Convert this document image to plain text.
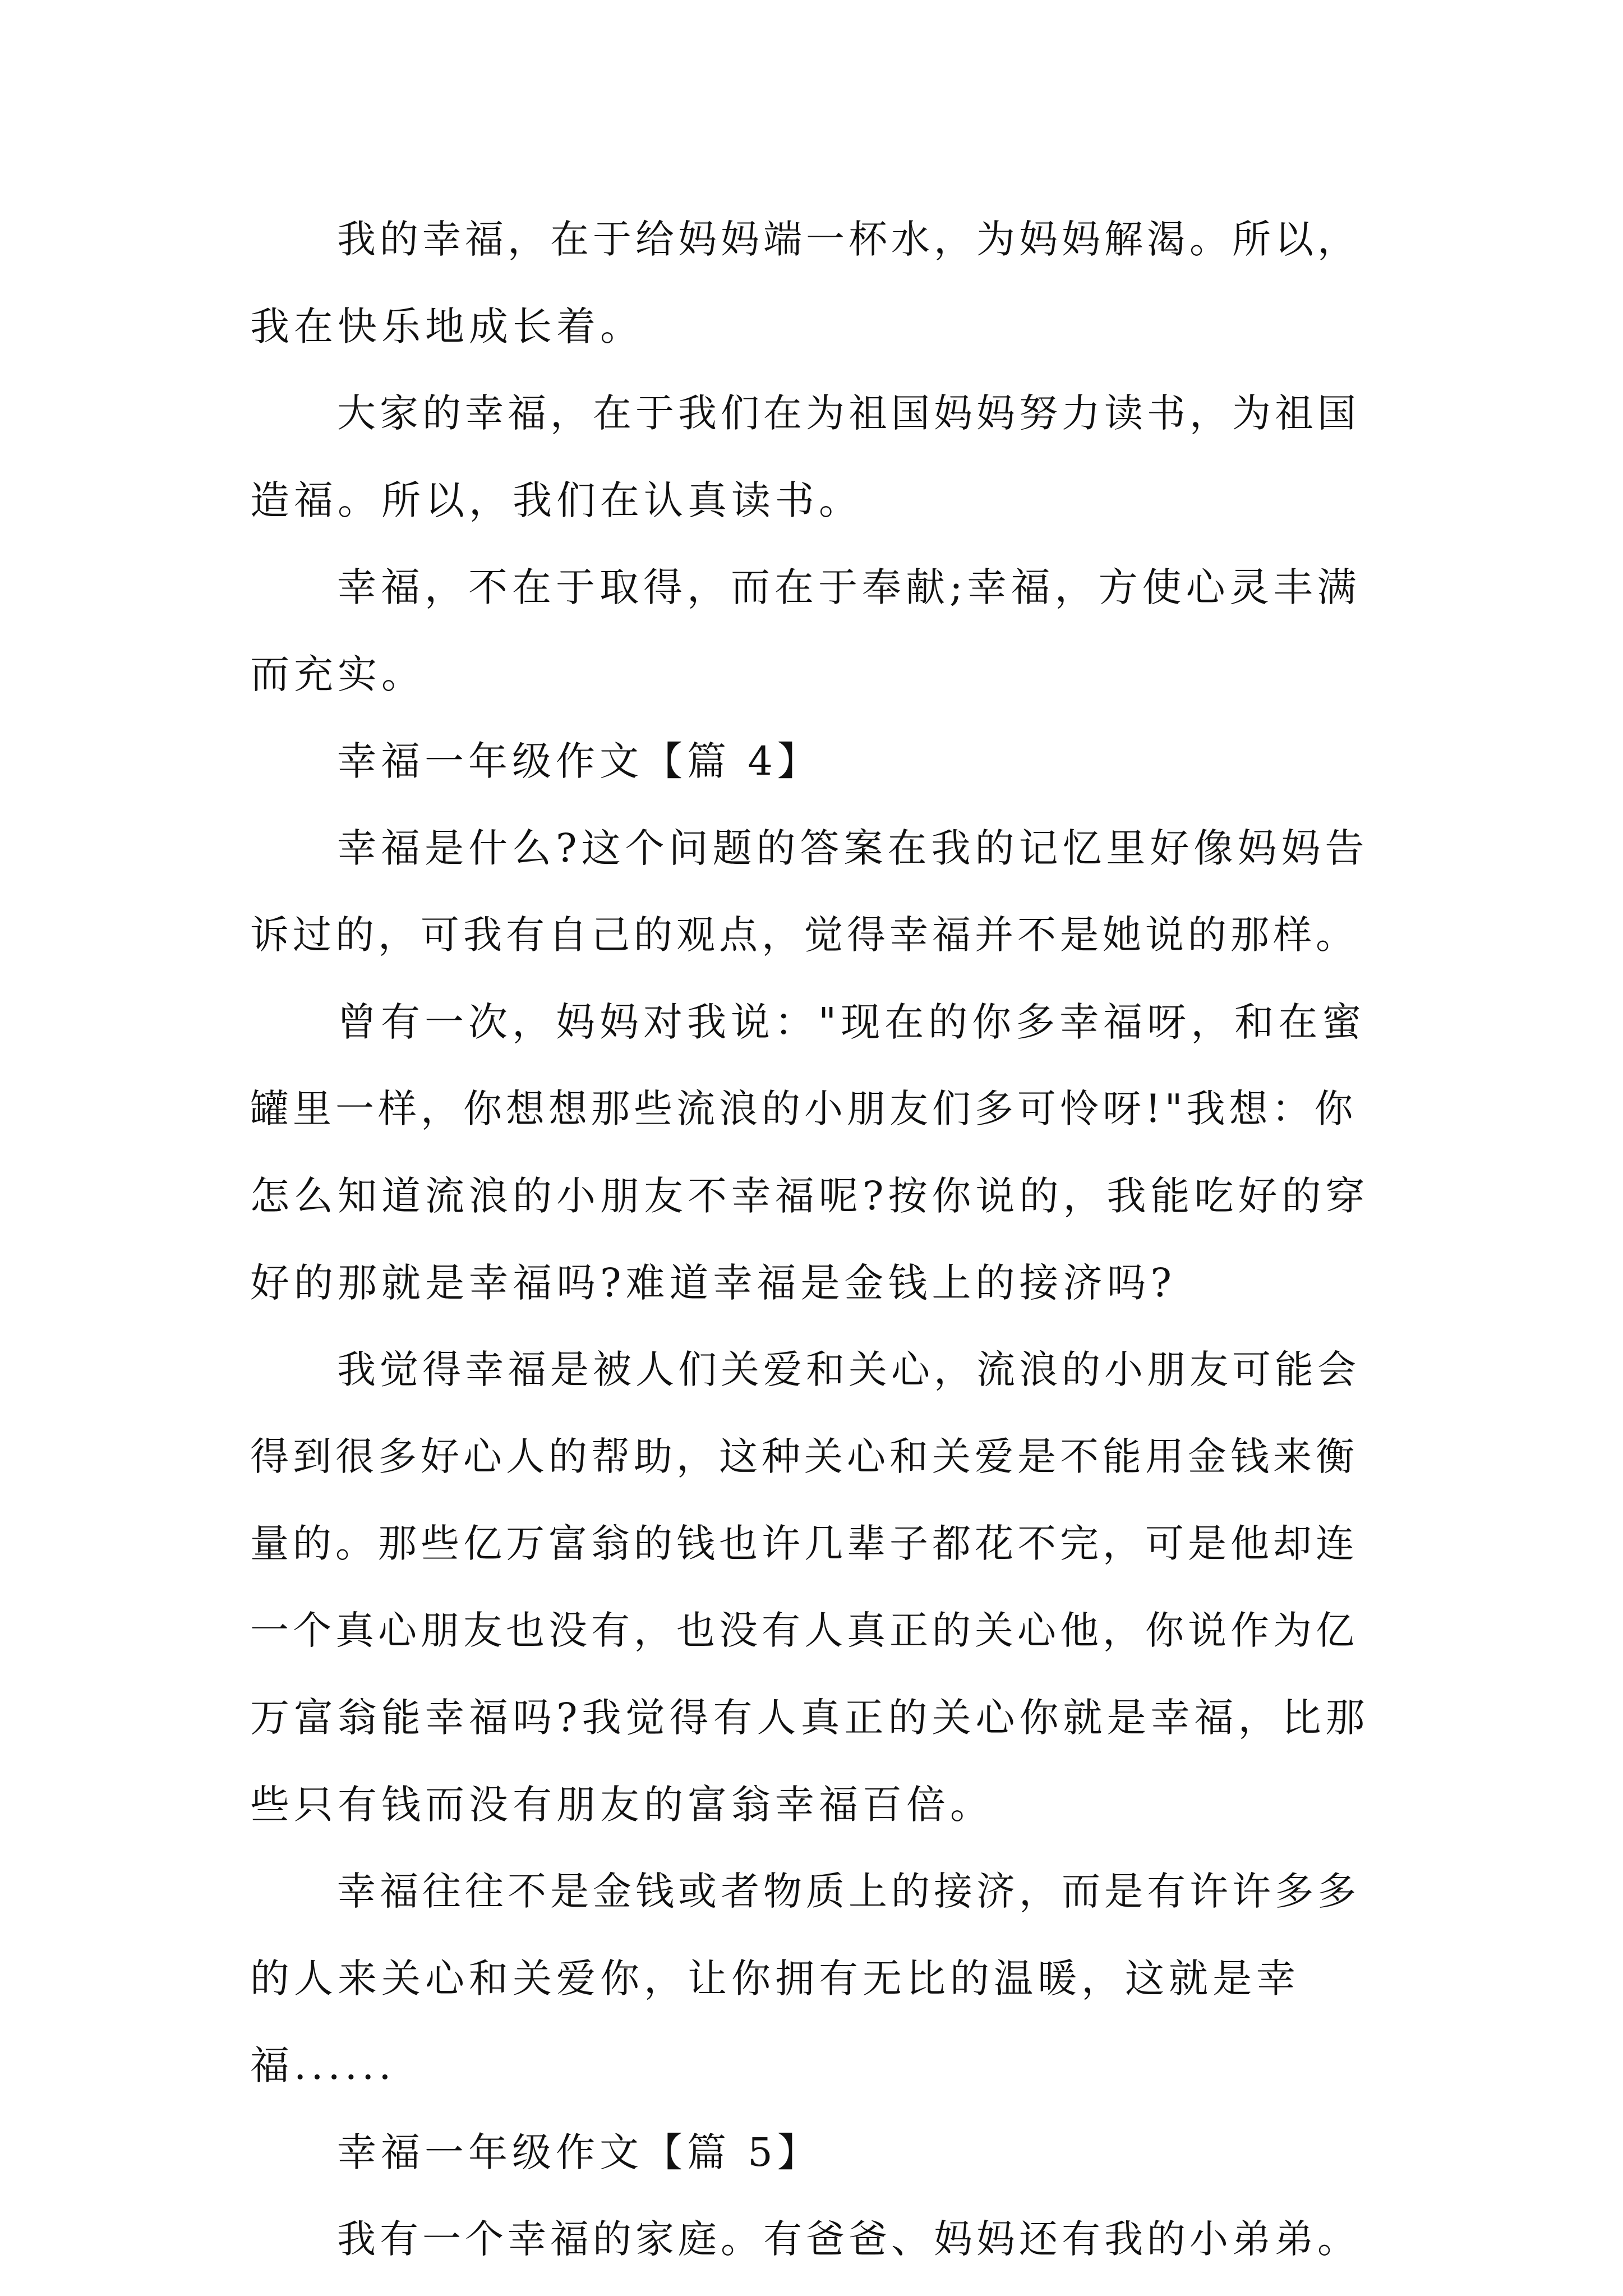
我的幸福，在于给妈妈端一杯水，为妈妈解渴。所以，
我在快乐地成长着。
大家的幸福，在于我们在为祖国妈妈努力读书，为祖国
造福。所以，我们在认真读书。
幸福，不在于取得，而在于奉献;幸福，方使心灵丰满
而充实。
幸福一年级作文【篇 4】
幸福是什么?这个问题的答案在我的记忆里好像妈妈告
诉过的，可我有自己的观点，觉得幸福并不是她说的那样。
曾有一次，妈妈对我说："现在的你多幸福呀，和在蜜
罐里一样，你想想那些流浪的小朋友们多可怜呀!"我想：你
怎么知道流浪的小朋友不幸福呢?按你说的，我能吃好的穿
好的那就是幸福吗?难道幸福是金钱上的接济吗?
我觉得幸福是被人们关爱和关心，流浪的小朋友可能会
得到很多好心人的帮助，这种关心和关爱是不能用金钱来衡
量的。那些亿万富翁的钱也许几辈子都花不完，可是他却连
一个真心朋友也没有，也没有人真正的关心他，你说作为亿
万富翁能幸福吗?我觉得有人真正的关心你就是幸福，比那
些只有钱而没有朋友的富翁幸福百倍。
幸福往往不是金钱或者物质上的接济，而是有许许多多
的人来关心和关爱你，让你拥有无比的温暖，这就是幸
福......
幸福一年级作文【篇 5】
我有一个幸福的家庭。有爸爸、妈妈还有我的小弟弟。
